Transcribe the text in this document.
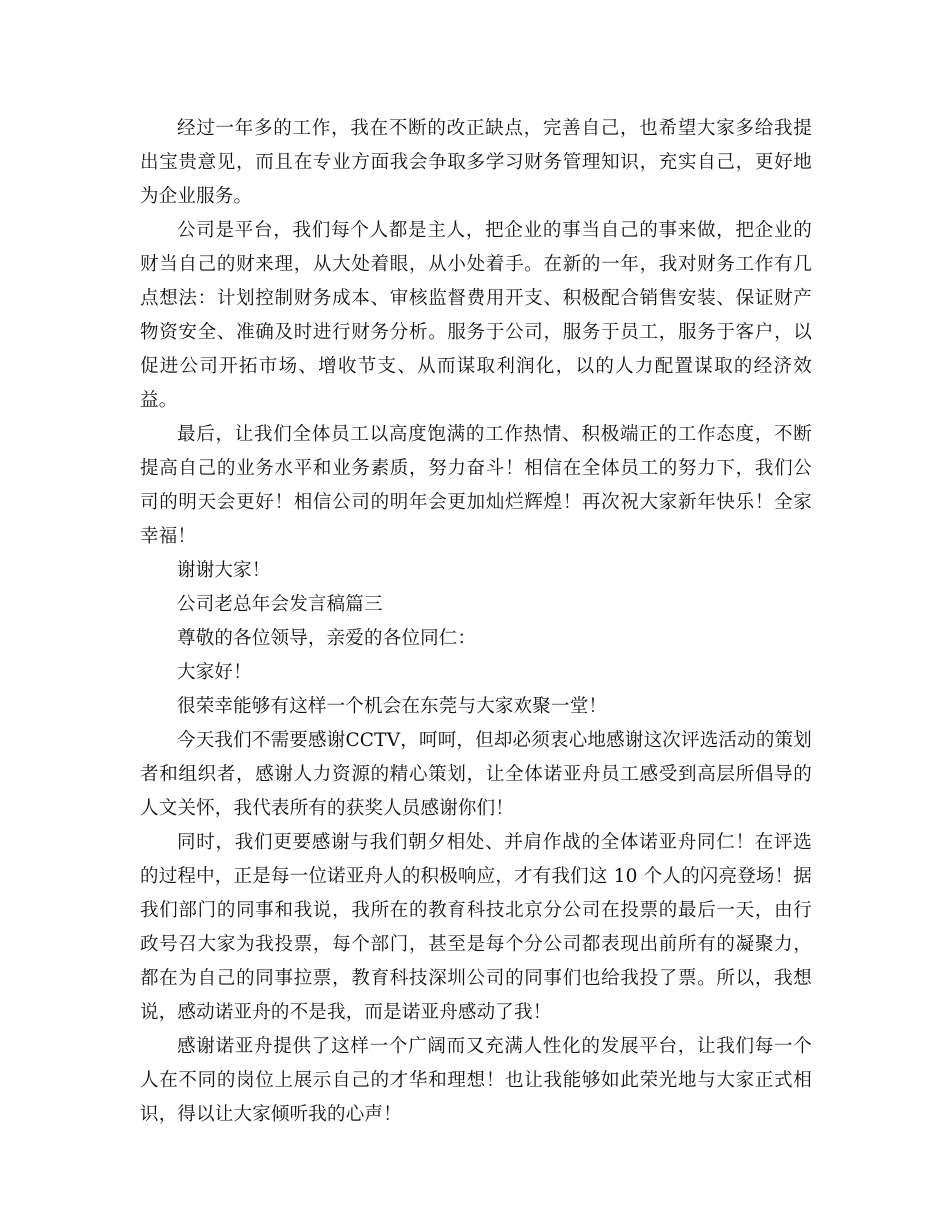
经过一年多的工作，我在不断的改正缺点，完善自己，也希望大家多给我提出宝贵意见，而且在专业方面我会争取多学习财务管理知识，充实自己，更好地为企业服务。

公司是平台，我们每个人都是主人，把企业的事当自己的事来做，把企业的财当自己的财来理，从大处着眼，从小处着手。在新的一年，我对财务工作有几点想法：计划控制财务成本、审核监督费用开支、积极配合销售安装、保证财产物资安全、准确及时进行财务分析。服务于公司，服务于员工，服务于客户，以促进公司开拓市场、增收节支、从而谋取利润化，以的人力配置谋取的经济效益。

最后，让我们全体员工以高度饱满的工作热情、积极端正的工作态度，不断提高自己的业务水平和业务素质，努力奋斗！相信在全体员工的努力下，我们公司的明天会更好！相信公司的明年会更加灿烂辉煌！再次祝大家新年快乐！全家幸福！

谢谢大家！

公司老总年会发言稿篇三

尊敬的各位领导，亲爱的各位同仁：

大家好！

很荣幸能够有这样一个机会在东莞与大家欢聚一堂！

今天我们不需要感谢CCTV，呵呵，但却必须衷心地感谢这次评选活动的策划者和组织者，感谢人力资源的精心策划，让全体诺亚舟员工感受到高层所倡导的人文关怀，我代表所有的获奖人员感谢你们！

同时，我们更要感谢与我们朝夕相处、并肩作战的全体诺亚舟同仁！在评选的过程中，正是每一位诺亚舟人的积极响应，才有我们这 10 个人的闪亮登场！据我们部门的同事和我说，我所在的教育科技北京分公司在投票的最后一天，由行政号召大家为我投票，每个部门，甚至是每个分公司都表现出前所有的凝聚力，都在为自己的同事拉票，教育科技深圳公司的同事们也给我投了票。所以，我想说，感动诺亚舟的不是我，而是诺亚舟感动了我！

感谢诺亚舟提供了这样一个广阔而又充满人性化的发展平台，让我们每一个人在不同的岗位上展示自己的才华和理想！也让我能够如此荣光地与大家正式相识，得以让大家倾听我的心声！
